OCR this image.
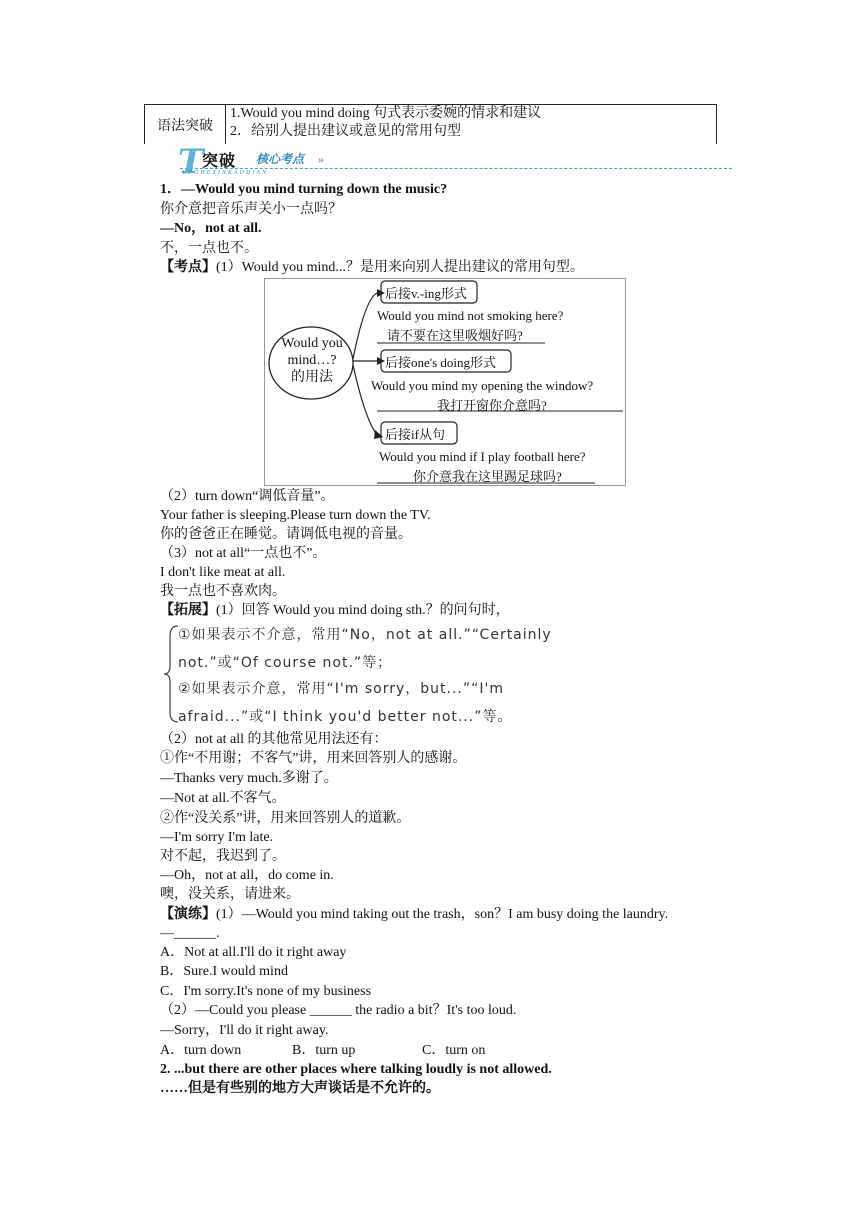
语法突破
1.Would you mind doing 句式表示委婉的情求和建议
2．给别人提出建议或意见的常用句型
T
突破 核心考点 »
UPOHEXINKAODIAN
1．—Would you mind turning down the music?
你介意把音乐声关小一点吗？
—No，not at all.
不，一点也不。
【考点】(1）Would you mind...？是用来向别人提出建议的常用句型。
Would you
mind…?
的用法
后接v.-ing形式
Would you mind not smoking here?
请不要在这里吸烟好吗?
后接one's doing形式
Would you mind my opening the window?
我打开窗你介意吗?
后接if从句
Would you mind if I play football here?
你介意我在这里踢足球吗?
（2）turn down“调低音量”。
Your father is sleeping.Please turn down the TV.
你的爸爸正在睡觉。请调低电视的音量。
（3）not at all“一点也不”。
I don't like meat at all.
我一点也不喜欢肉。
【拓展】(1）回答 Would you mind doing sth.？的问句时，
①如果表示不介意，常用“No，not at all.”“Certainly
not.”或“Of course not.”等；
②如果表示介意，常用“I'm sorry，but...”“I'm
afraid...”或“I think you'd better not...”等。
（2）not at all 的其他常见用法还有：
①作“不用谢；不客气”讲，用来回答别人的感谢。
—Thanks very much.多谢了。
—Not at all.不客气。
②作“没关系”讲，用来回答别人的道歉。
—I'm sorry I'm late.
对不起，我迟到了。
—Oh，not at all，do come in.
噢，没关系，请进来。
【演练】(1）—Would you mind taking out the trash，son？I am busy doing the laundry.
—______.
A．Not at all.I'll do it right away
B．Sure.I would mind
C．I'm sorry.It's none of my business
（2）—Could you please ______ the radio a bit？It's too loud.
—Sorry，I'll do it right away.
A．turn down	B．turn up	C．turn on
2. ...but there are other places where talking loudly is not allowed.
……但是有些别的地方大声谈话是不允许的。
